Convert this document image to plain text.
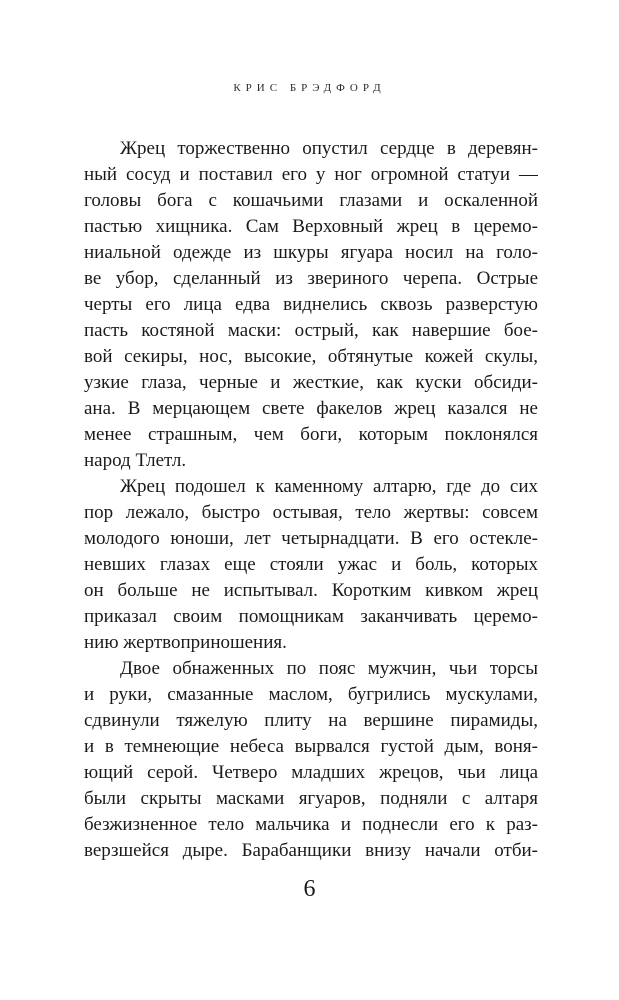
КРИС БРЭДФОРД
Жрец торжественно опустил сердце в деревян-
ный сосуд и поставил его у ног огромной статуи —
головы бога с кошачьими глазами и оскаленной
пастью хищника. Сам Верховный жрец в церемо-
ниальной одежде из шкуры ягуара носил на голо-
ве убор, сделанный из звериного черепа. Острые
черты его лица едва виднелись сквозь разверстую
пасть костяной маски: острый, как навершие бое-
вой секиры, нос, высокие, обтянутые кожей скулы,
узкие глаза, черные и жесткие, как куски обсиди-
ана. В мерцающем свете факелов жрец казался не
менее страшным, чем боги, которым поклонялся
народ Тлетл.
Жрец подошел к каменному алтарю, где до сих
пор лежало, быстро остывая, тело жертвы: совсем
молодого юноши, лет четырнадцати. В его остекле-
невших глазах еще стояли ужас и боль, которых
он больше не испытывал. Коротким кивком жрец
приказал своим помощникам заканчивать церемо-
нию жертвоприношения.
Двое обнаженных по пояс мужчин, чьи торсы
и руки, смазанные маслом, бугрились мускулами,
сдвинули тяжелую плиту на вершине пирамиды,
и в темнеющие небеса вырвался густой дым, воня-
ющий серой. Четверо младших жрецов, чьи лица
были скрыты масками ягуаров, подняли с алтаря
безжизненное тело мальчика и поднесли его к раз-
верзшейся дыре. Барабанщики внизу начали отби-
6
